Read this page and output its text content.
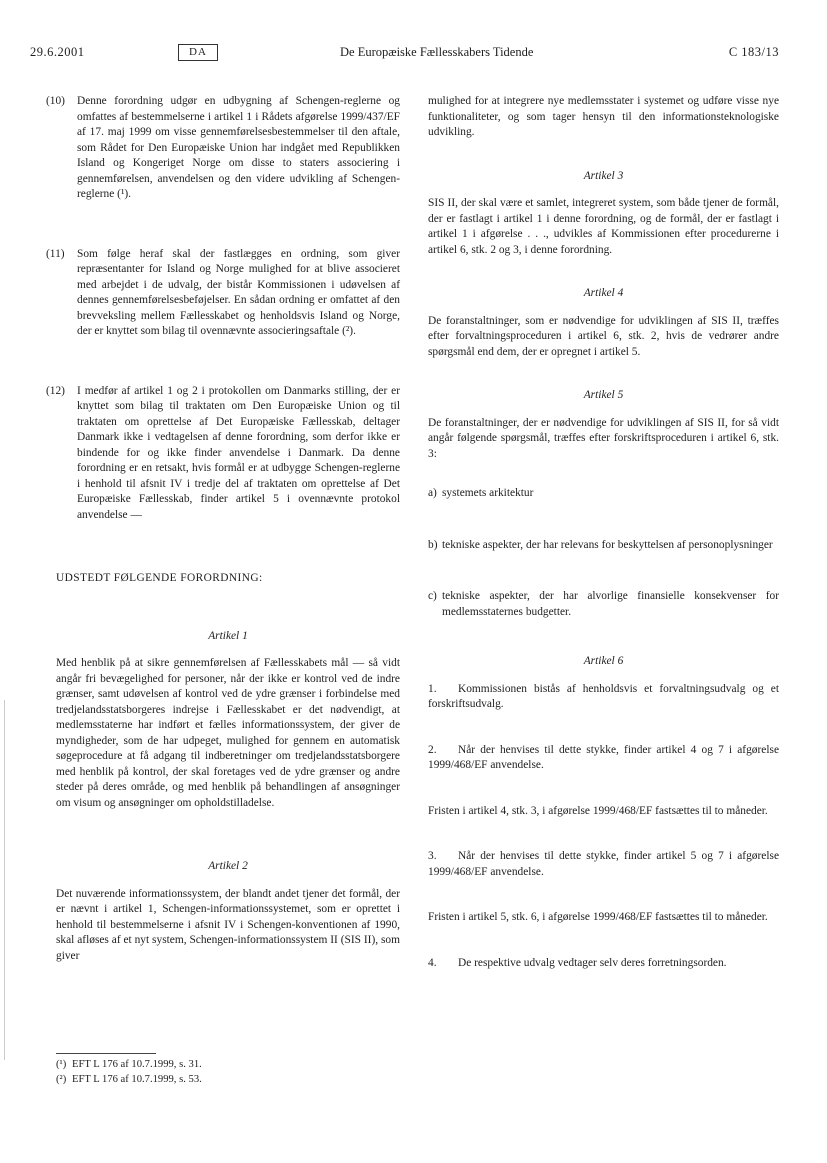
29.6.2001	DA	De Europæiske Fællesskabers Tidende	C 183/13
(10) Denne forordning udgør en udbygning af Schengen-reglerne og omfattes af bestemmelserne i artikel 1 i Rådets afgørelse 1999/437/EF af 17. maj 1999 om visse gennemførelsesbestemmelser til den aftale, som Rådet for Den Europæiske Union har indgået med Republikken Island og Kongeriget Norge om disse to staters associering i gennemførelsen, anvendelsen og den videre udvikling af Schengen-reglerne (¹).

(11) Som følge heraf skal der fastlægges en ordning, som giver repræsentanter for Island og Norge mulighed for at blive associeret med arbejdet i de udvalg, der bistår Kommissionen i udøvelsen af dennes gennemførelsesbeføjelser. En sådan ordning er omfattet af den brevveksling mellem Fællesskabet og henholdsvis Island og Norge, der er knyttet som bilag til ovennævnte associeringsaftale (²).

(12) I medfør af artikel 1 og 2 i protokollen om Danmarks stilling, der er knyttet som bilag til traktaten om Den Europæiske Union og til traktaten om oprettelse af Det Europæiske Fællesskab, deltager Danmark ikke i vedtagelsen af denne forordning, som derfor ikke er bindende for og ikke finder anvendelse i Danmark. Da denne forordning er en retsakt, hvis formål er at udbygge Schengen-reglerne i henhold til afsnit IV i tredje del af traktaten om oprettelse af Det Europæiske Fællesskab, finder artikel 5 i ovennævnte protokol anvendelse —

UDSTEDT FØLGENDE FORORDNING:

Artikel 1

Med henblik på at sikre gennemførelsen af Fællesskabets mål — så vidt angår fri bevægelighed for personer, når der ikke er kontrol ved de indre grænser, samt udøvelsen af kontrol ved de ydre grænser i forbindelse med tredjelandsstatsborgeres indrejse i Fællesskabet er det nødvendigt, at medlemsstaterne har indført et fælles informationssystem, der giver de myndigheder, som de har udpeget, mulighed for gennem en automatisk søgeprocedure at få adgang til indberetninger om tredjelandsstatsborgere med henblik på kontrol, der skal foretages ved de ydre grænser og andre steder på deres område, og med henblik på behandlingen af ansøgninger om visum og ansøgninger om opholdstilladelse.

Artikel 2

Det nuværende informationssystem, der blandt andet tjener det formål, der er nævnt i artikel 1, Schengen-informationssystemet, som er oprettet i henhold til bestemmelserne i afsnit IV i Schengen-konventionen af 1990, skal afløses af et nyt system, Schengen-informationssystem II (SIS II), som giver

mulighed for at integrere nye medlemsstater i systemet og udføre visse nye funktionaliteter, og som tager hensyn til den informationsteknologiske udvikling.

Artikel 3

SIS II, der skal være et samlet, integreret system, som både tjener de formål, der er fastlagt i artikel 1 i denne forordning, og de formål, der er fastlagt i artikel 1 i afgørelse . . ., udvikles af Kommissionen efter procedurerne i artikel 6, stk. 2 og 3, i denne forordning.

Artikel 4

De foranstaltninger, som er nødvendige for udviklingen af SIS II, træffes efter forvaltningsproceduren i artikel 6, stk. 2, hvis de vedrører andre spørgsmål end dem, der er opregnet i artikel 5.

Artikel 5

De foranstaltninger, der er nødvendige for udviklingen af SIS II, for så vidt angår følgende spørgsmål, træffes efter forskriftsproceduren i artikel 6, stk. 3:

a) systemets arkitektur

b) tekniske aspekter, der har relevans for beskyttelsen af personoplysninger

c) tekniske aspekter, der har alvorlige finansielle konsekvenser for medlemsstaternes budgetter.

Artikel 6

1. Kommissionen bistås af henholdsvis et forvaltningsudvalg og et forskriftsudvalg.

2. Når der henvises til dette stykke, finder artikel 4 og 7 i afgørelse 1999/468/EF anvendelse.

Fristen i artikel 4, stk. 3, i afgørelse 1999/468/EF fastsættes til to måneder.

3. Når der henvises til dette stykke, finder artikel 5 og 7 i afgørelse 1999/468/EF anvendelse.

Fristen i artikel 5, stk. 6, i afgørelse 1999/468/EF fastsættes til to måneder.

4. De respektive udvalg vedtager selv deres forretningsorden.

(¹) EFT L 176 af 10.7.1999, s. 31.
(²) EFT L 176 af 10.7.1999, s. 53.
